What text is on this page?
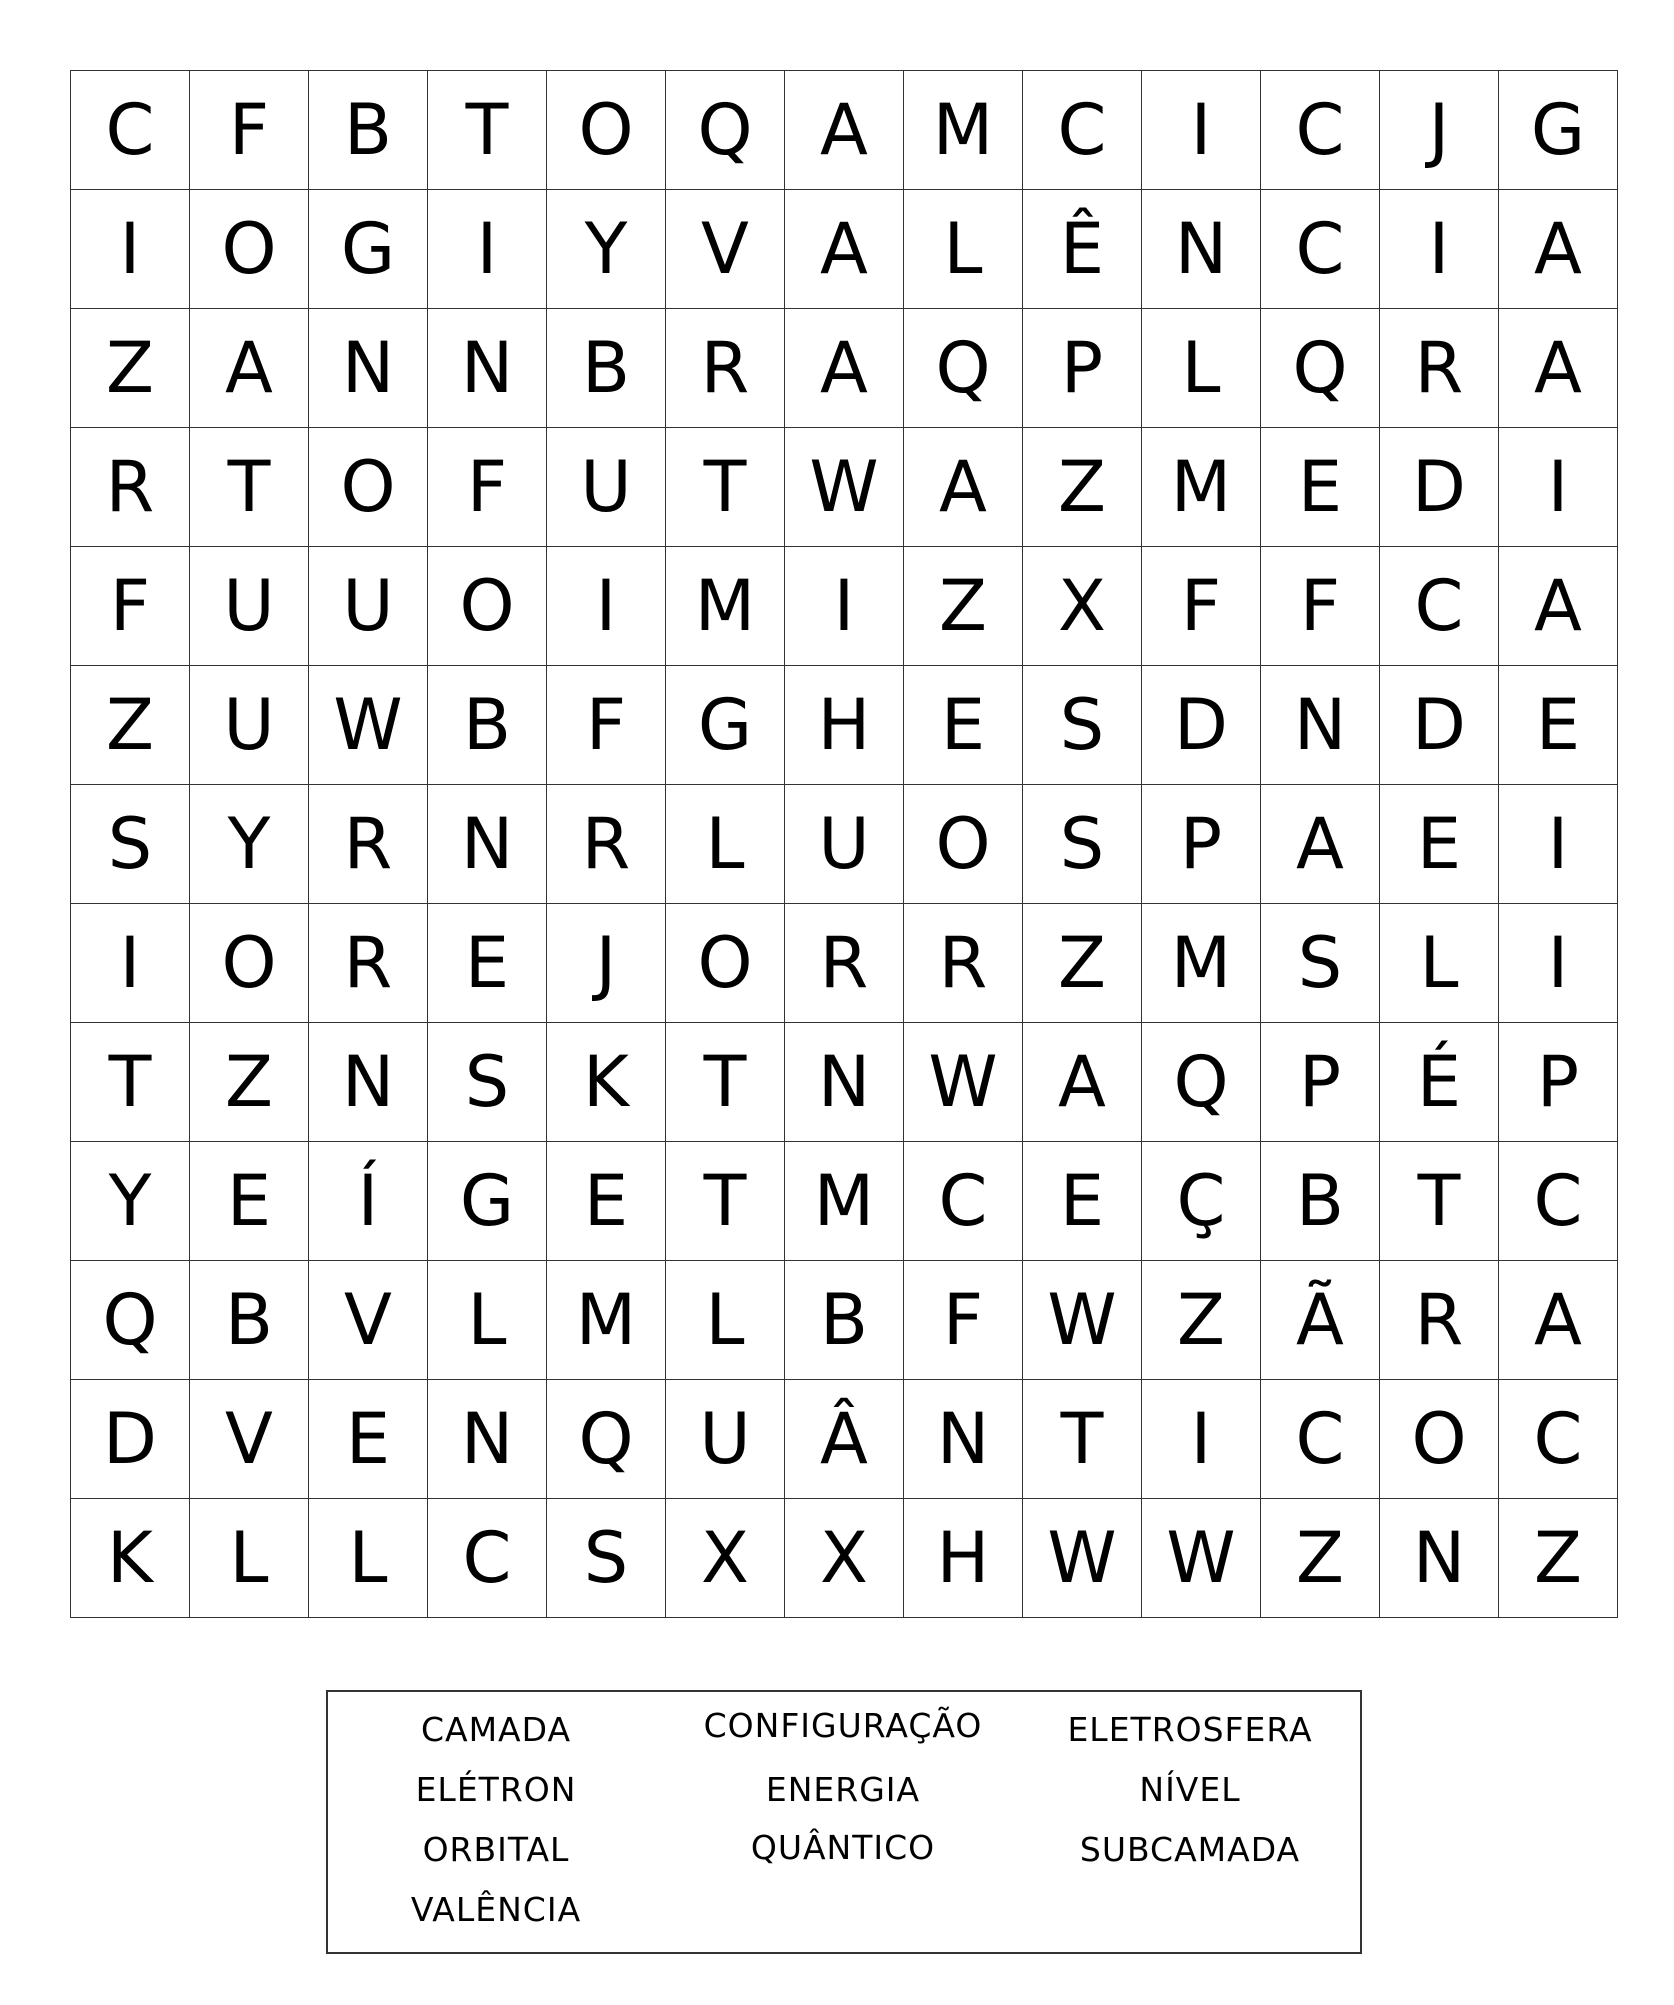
C	F	B	T	O Q A M C	I	C	J	G
I	O G	I	Y	V	A	L	Ê	N C	I	A
Z	A N N B	R	A Q	P	L	Q R	A
R	T	O	F	U	T W A	Z M E D	I
F	U U O	I	M	I	Z	X	F	F	C	A
Z U W B	F	G H	E	S D N D E
S	Y	R N R	L	U O S	P	A	E	I
I	O R	E	J	O R	R	Z M S	L	I
T	Z N	S	K	T	N W A Q	P	É	P
Y	E	Í	G E	T M C	E	Ç	B	T	C
Q B	V	L M L	B	F W Z	Ã	R	A
D V	E	N Q U Â N	T	I	C O C
K	L	L	C	S	X	X H W W Z N Z
CAMADA
ELÉTRON
ORBITAL
VALÊNCIA
CONFIGURAÇÃO
ENERGIA
QUÂNTICO
ELETROSFERA
NÍVEL
SUBCAMADA
